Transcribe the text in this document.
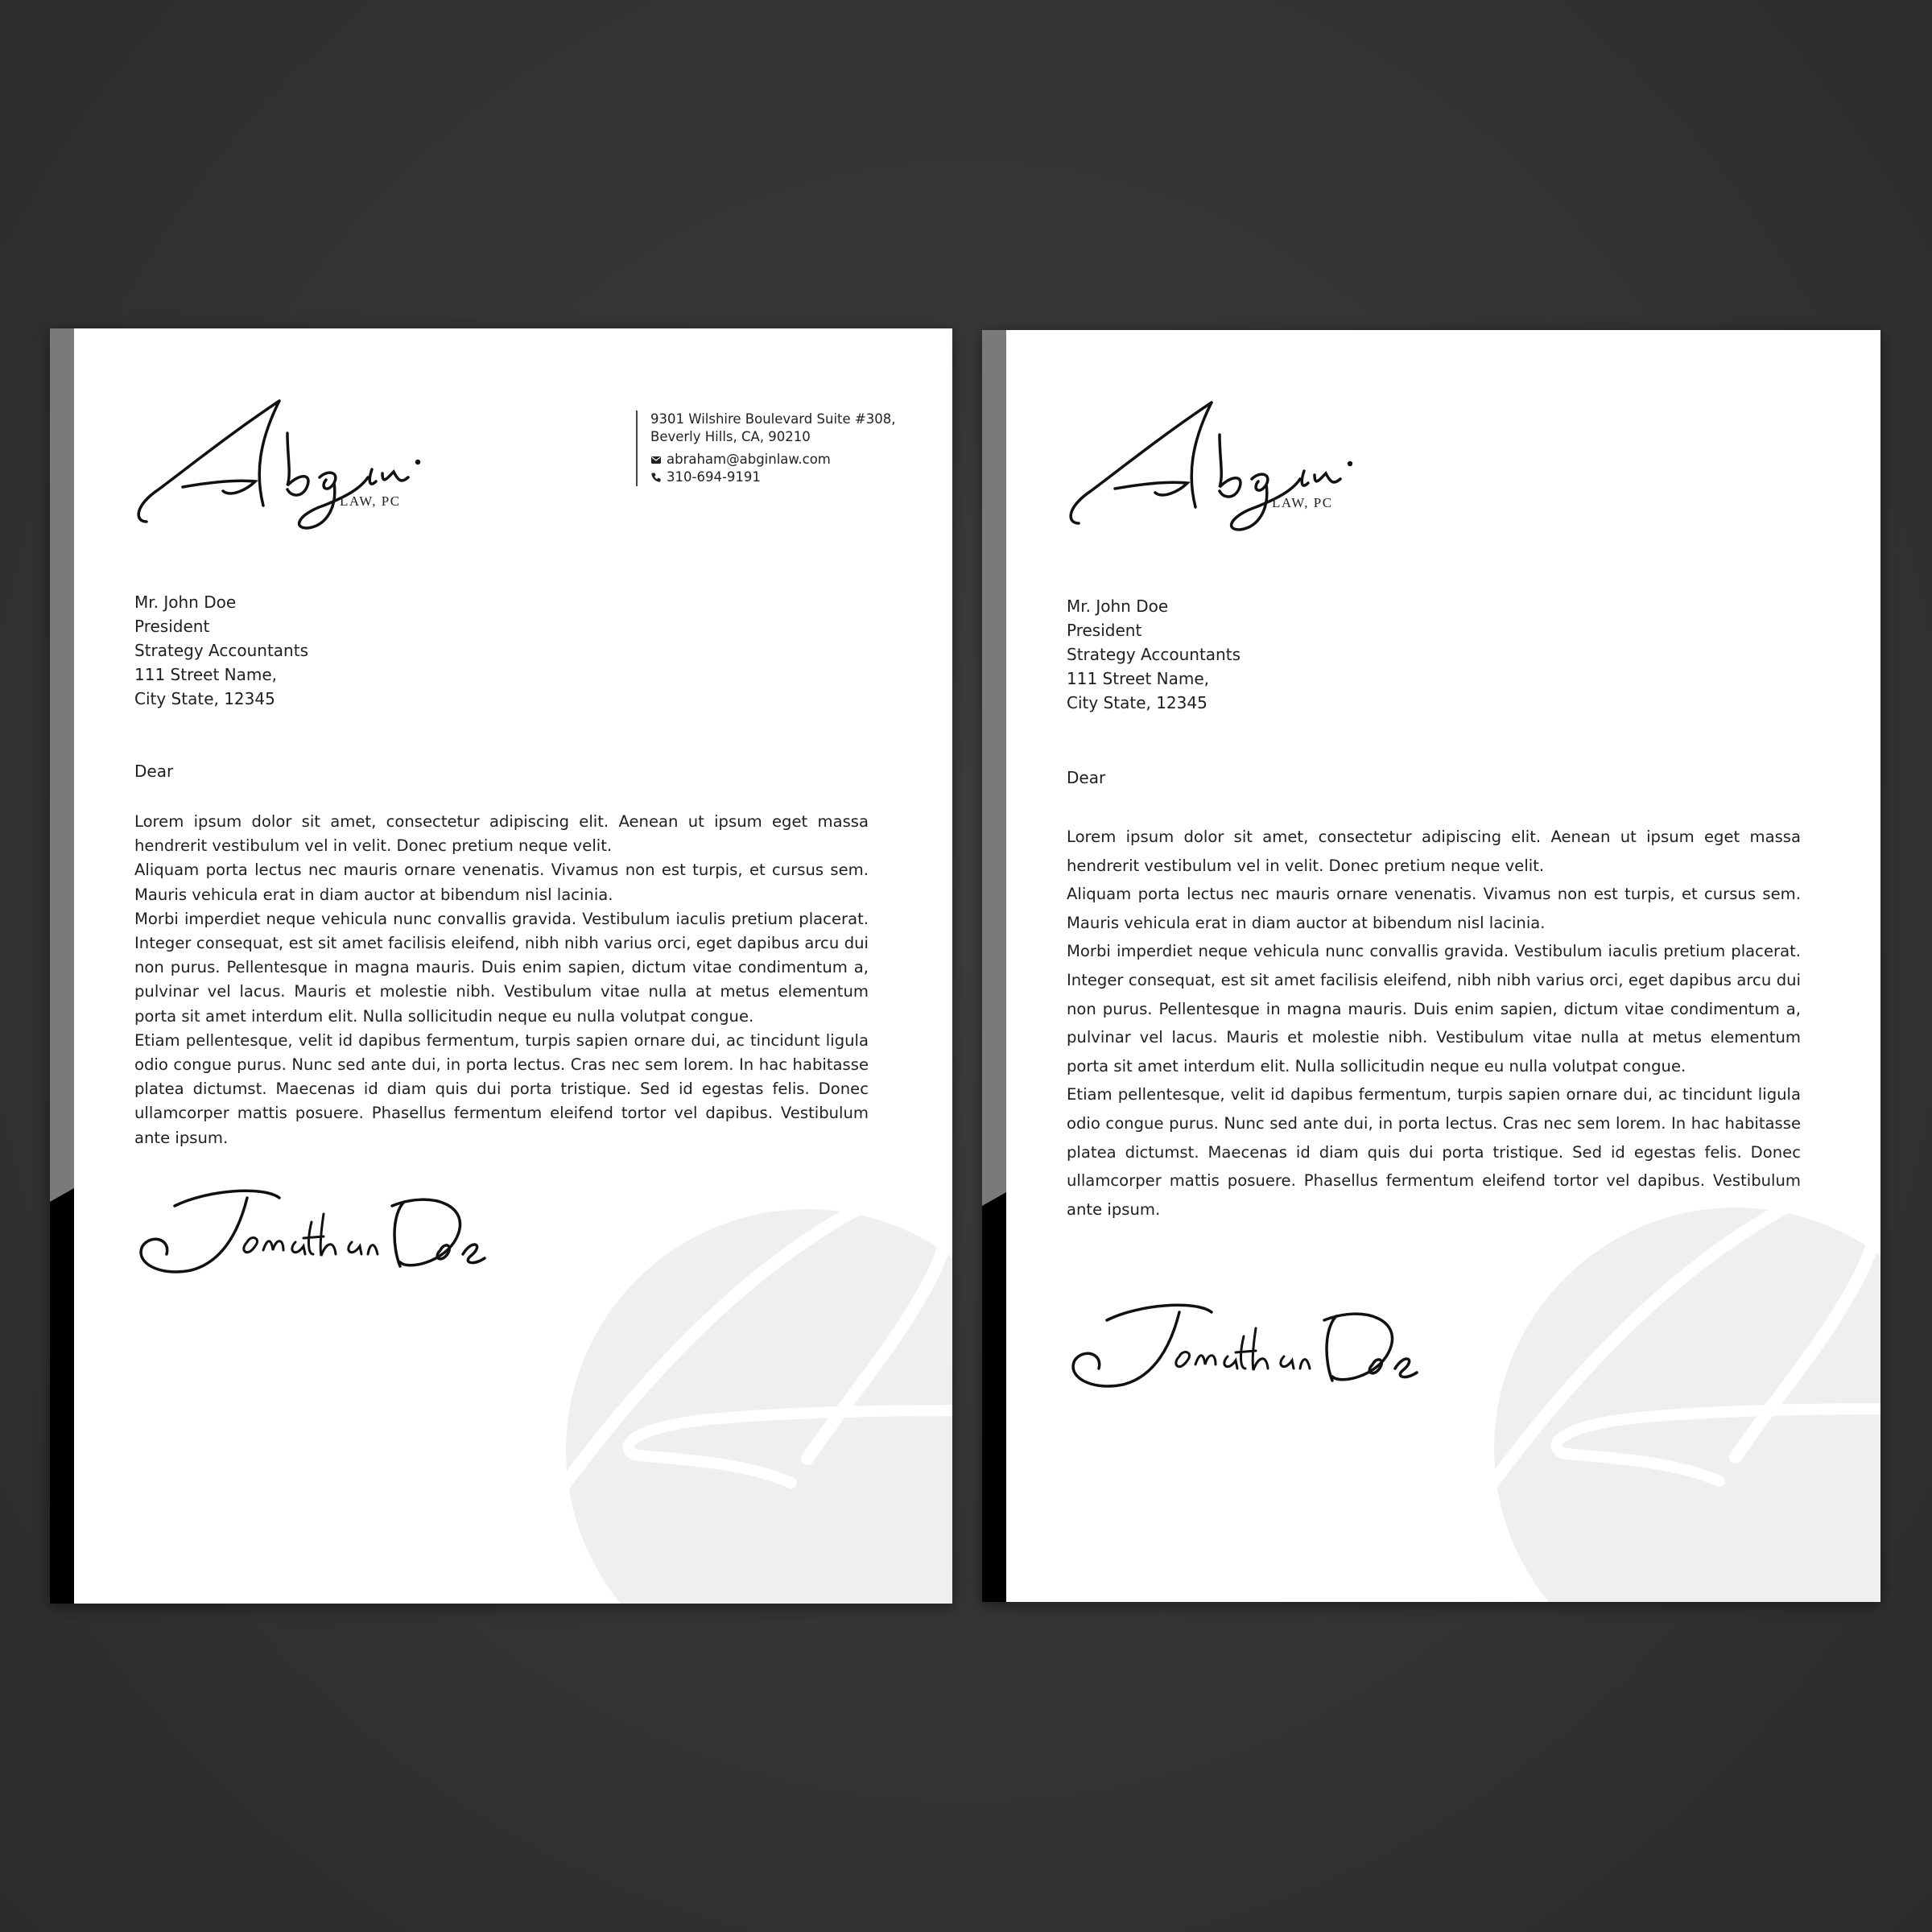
LAW, PC
9301 Wilshire Boulevard Suite #308,
Beverly Hills, CA, 90210
abraham@abginlaw.com
310-694-9191
Mr. John Doe
President
Strategy Accountants
111 Street Name,
City State, 12345
Dear

Lorem ipsum dolor sit amet, consectetur adipiscing elit. Aenean ut ipsum eget massa hendrerit vestibulum vel in velit. Donec pretium neque velit.

Aliquam porta lectus nec mauris ornare venenatis. Vivamus non est turpis, et cursus sem. Mauris vehicula erat in diam auctor at bibendum nisl lacinia.

Morbi imperdiet neque vehicula nunc convallis gravida. Vestibulum iaculis pretium placerat. Integer consequat, est sit amet facilisis eleifend, nibh nibh varius orci, eget dapibus arcu dui non purus. Pellentesque in magna mauris. Duis enim sapien, dictum vitae condimentum a, pulvinar vel lacus. Mauris et molestie nibh. Vestibulum vitae nulla at metus elementum porta sit amet interdum elit. Nulla sollicitudin neque eu nulla volutpat congue.

Etiam pellentesque, velit id dapibus fermentum, turpis sapien ornare dui, ac tincidunt ligula odio congue purus. Nunc sed ante dui, in porta lectus. Cras nec sem lorem. In hac habitasse platea dictumst. Maecenas id diam quis dui porta tristique. Sed id egestas felis. Donec ullamcorper mattis posuere. Phasellus fermentum eleifend tortor vel dapibus. Vestibulum ante ipsum.

LAW, PC
Mr. John Doe
President
Strategy Accountants
111 Street Name,
City State, 12345
Dear

Lorem ipsum dolor sit amet, consectetur adipiscing elit. Aenean ut ipsum eget massa hendrerit vestibulum vel in velit. Donec pretium neque velit.

Aliquam porta lectus nec mauris ornare venenatis. Vivamus non est turpis, et cursus sem. Mauris vehicula erat in diam auctor at bibendum nisl lacinia.

Morbi imperdiet neque vehicula nunc convallis gravida. Vestibulum iaculis pretium placerat. Integer consequat, est sit amet facilisis eleifend, nibh nibh varius orci, eget dapibus arcu dui non purus. Pellentesque in magna mauris. Duis enim sapien, dictum vitae condimentum a, pulvinar vel lacus. Mauris et molestie nibh. Vestibulum vitae nulla at metus elementum porta sit amet interdum elit. Nulla sollicitudin neque eu nulla volutpat congue.

Etiam pellentesque, velit id dapibus fermentum, turpis sapien ornare dui, ac tincidunt ligula odio congue purus. Nunc sed ante dui, in porta lectus. Cras nec sem lorem. In hac habitasse platea dictumst. Maecenas id diam quis dui porta tristique. Sed id egestas felis. Donec ullamcorper mattis posuere. Phasellus fermentum eleifend tortor vel dapibus. Vestibulum ante ipsum.
